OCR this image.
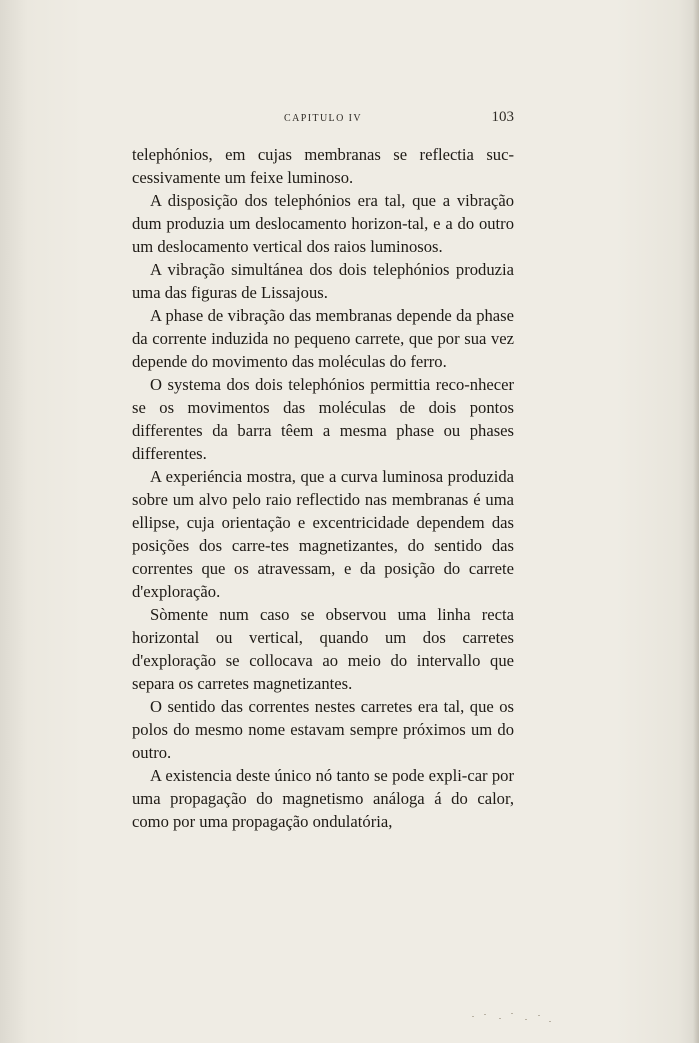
CAPITULO IV	103

telephónios, em cujas membranas se reflectia suc-cessivamente um feixe luminoso.

A disposição dos telephónios era tal, que a vibração dum produzia um deslocamento horizon-tal, e a do outro um deslocamento vertical dos raios luminosos.

A vibração simultánea dos dois telephónios produzia uma das figuras de Lissajous.

A phase de vibração das membranas depende da phase da corrente induzida no pequeno carrete, que por sua vez depende do movimento das moléculas do ferro.

O systema dos dois telephónios permittia reco-nhecer se os movimentos das moléculas de dois pontos differentes da barra têem a mesma phase ou phases differentes.

A experiéncia mostra, que a curva luminosa produzida sobre um alvo pelo raio reflectido nas membranas é uma ellipse, cuja orientação e excentricidade dependem das posições dos carre-tes magnetizantes, do sentido das correntes que os atravessam, e da posição do carrete d'exploração.

Sòmente num caso se observou uma linha recta horizontal ou vertical, quando um dos carretes d'exploração se collocava ao meio do intervallo que separa os carretes magnetizantes.

O sentido das correntes nestes carretes era tal, que os polos do mesmo nome estavam sempre próximos um do outro.

A existencia deste único nó tanto se pode expli-car por uma propagação do magnetismo análoga á do calor, como por uma propagação ondulatória,
